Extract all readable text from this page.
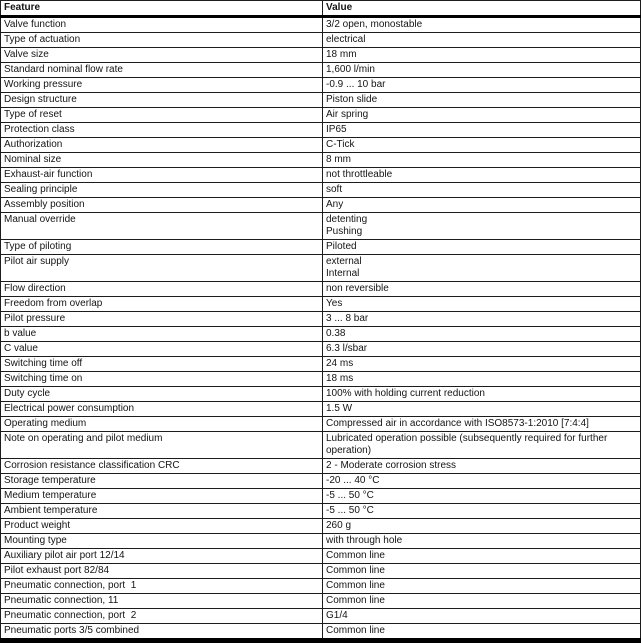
Feature	Value

Valve function	3/2 open, monostable

Type of actuation	electrical

Valve size	18 mm

Standard nominal flow rate	1,600 l/min

Working pressure	-0.9 ... 10 bar

Design structure	Piston slide

Type of reset	Air spring

Protection class	IP65

Authorization	C-Tick

Nominal size	8 mm

Exhaust-air function	not throttleable

Sealing principle	soft

Assembly position	Any

Manual override	detenting
Pushing

Type of piloting	Piloted

Pilot air supply	external
Internal

Flow direction	non reversible

Freedom from overlap	Yes

Pilot pressure	3 ... 8 bar

b value	0.38

C value	6.3 l/sbar

Switching time off	24 ms

Switching time on	18 ms

Duty cycle	100% with holding current reduction

Electrical power consumption	1.5 W

Operating medium	Compressed air in accordance with ISO8573-1:2010 [7:4:4]

Note on operating and pilot medium	Lubricated operation possible (subsequently required for further operation)

Corrosion resistance classification CRC	2 - Moderate corrosion stress

Storage temperature	-20 ... 40 °C

Medium temperature	-5 ... 50 °C

Ambient temperature	-5 ... 50 °C

Product weight	260 g

Mounting type	with through hole

Auxiliary pilot air port 12/14	Common line

Pilot exhaust port 82/84	Common line

Pneumatic connection, port  1	Common line

Pneumatic connection, 11	Common line

Pneumatic connection, port  2	G1/4

Pneumatic ports 3/5 combined	Common line
